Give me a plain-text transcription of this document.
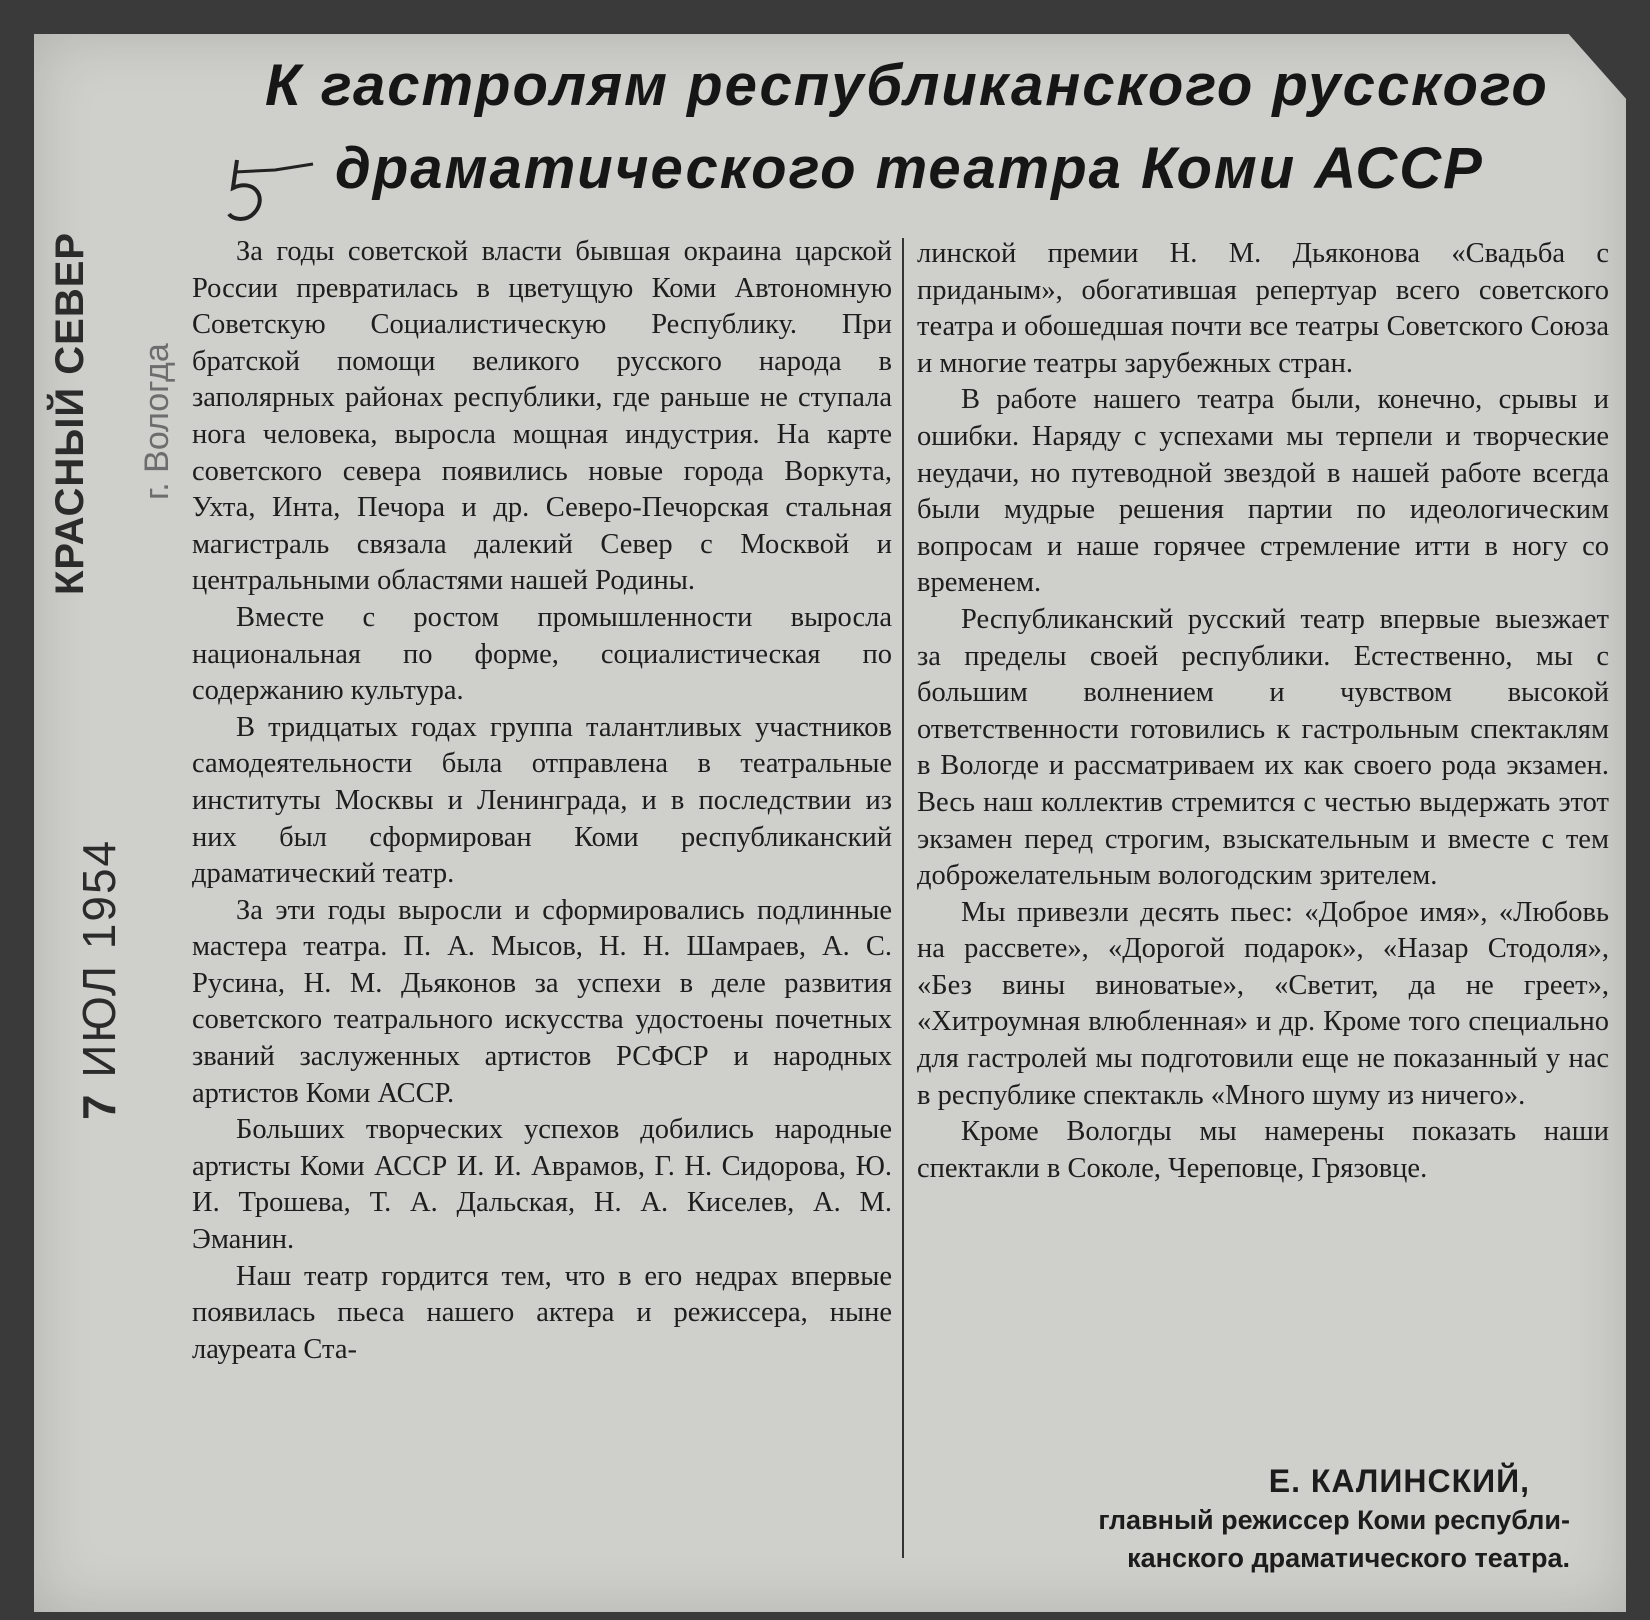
К гастролям республиканского русского
драматического театра Коми АССР
КРАСНЫЙ СЕВЕР г. Вологда
7 ИЮЛ 1954

За годы советской власти бывшая окраина царской России превратилась в цветущую Коми Автономную Советскую Социалистическую Республику. При братской помощи великого русского народа в заполярных районах республики, где раньше не ступала нога человека, выросла мощная индустрия. На карте советского севера появились новые города Воркута, Ухта, Инта, Печора и др. Северо-Печорская стальная магистраль связала далекий Север с Москвой и центральными областями нашей Родины.

Вместе с ростом промышленности выросла национальная по форме, социалистическая по содержанию культура.

В тридцатых годах группа талантливых участников самодеятельности была отправлена в театральные институты Москвы и Ленинграда, и в последствии из них был сформирован Коми республиканский драматический театр.

За эти годы выросли и сформировались подлинные мастера театра. П. А. Мысов, Н. Н. Шамраев, А. С. Русина, Н. М. Дьяконов за успехи в деле развития советского театрального искусства удостоены почетных званий заслуженных артистов РСФСР и народных артистов Коми АССР.

Больших творческих успехов добились народные артисты Коми АССР И. И. Аврамов, Г. Н. Сидорова, Ю. И. Трошева, Т. А. Дальская, Н. А. Киселев, А. М. Эманин.

Наш театр гордится тем, что в его недрах впервые появилась пьеса нашего актера и режиссера, ныне лауреата Ста-

линской премии Н. М. Дьяконова «Свадьба с приданым», обогатившая репертуар всего советского театра и обошедшая почти все театры Советского Союза и многие театры зарубежных стран.

В работе нашего театра были, конечно, срывы и ошибки. Наряду с успехами мы терпели и творческие неудачи, но путеводной звездой в нашей работе всегда были мудрые решения партии по идеологическим вопросам и наше горячее стремление итти в ногу со временем.

Республиканский русский театр впервые выезжает за пределы своей республики. Естественно, мы с большим волнением и чувством высокой ответственности готовились к гастрольным спектаклям в Вологде и рассматриваем их как своего рода экзамен. Весь наш коллектив стремится с честью выдержать этот экзамен перед строгим, взыскательным и вместе с тем доброжелательным вологодским зрителем.

Мы привезли десять пьес: «Доброе имя», «Любовь на рассвете», «Дорогой подарок», «Назар Стодоля», «Без вины виноватые», «Светит, да не греет», «Хитроумная влюбленная» и др. Кроме того специально для гастролей мы подготовили еще не показанный у нас в республике спектакль «Много шуму из ничего».

Кроме Вологды мы намерены показать наши спектакли в Соколе, Череповце, Грязовце.

Е. КАЛИНСКИЙ,
главный режиссер Коми республи-
канского драматического театра.
